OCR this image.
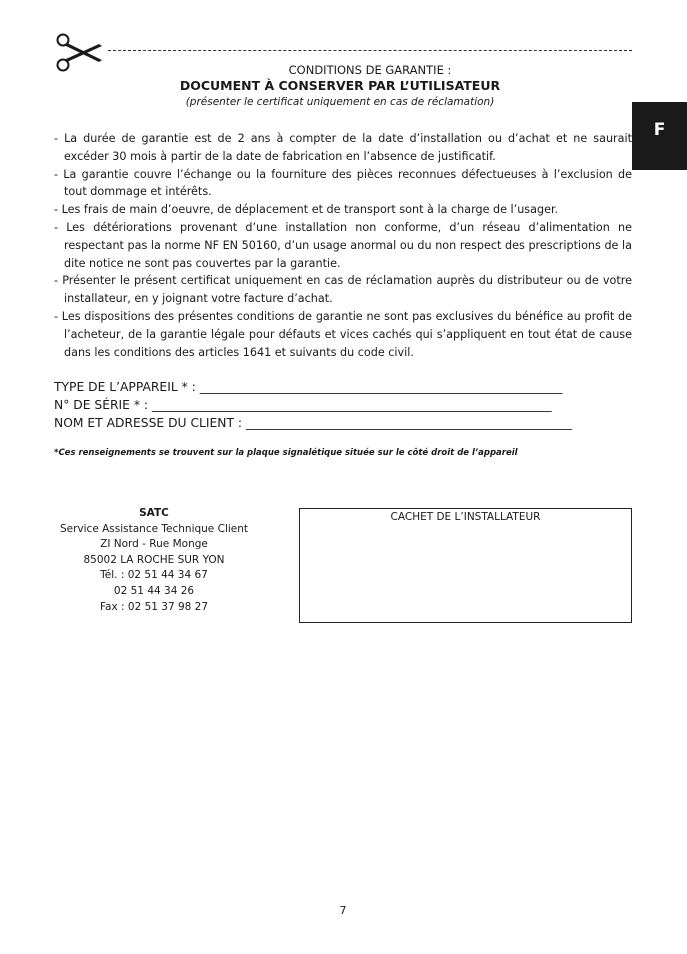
CONDITIONS DE GARANTIE :
DOCUMENT À CONSERVER PAR L’UTILISATEUR
(présenter le certificat uniquement en cas de réclamation)
F
- La durée de garantie est de 2 ans à compter de la date d’installation ou d’achat et ne saurait excéder 30 mois à partir de la date de fabrication en l’absence de justificatif.
- La garantie couvre l’échange ou la fourniture des pièces reconnues défectueuses à l’exclusion de tout dommage et intérêts.
- Les frais de main d’oeuvre, de déplacement et de transport sont à la charge de l’usager.
- Les détériorations provenant d’une installation non conforme, d’un réseau d’alimentation ne respectant pas la norme NF EN 50160, d’un usage anormal ou du non respect des prescriptions de la dite notice ne sont pas couvertes par la garantie.
- Présenter le présent certificat uniquement en cas de réclamation auprès du distributeur ou de votre installateur, en y joignant votre facture d’achat.
- Les dispositions des présentes conditions de garantie ne sont pas exclusives du bénéfice au profit de l’acheteur, de la garantie légale pour défauts et vices cachés qui s’appliquent en tout état de cause dans les conditions des articles 1641 et suivants du code civil.
TYPE DE L’APPAREIL * : ___________________________________________________________
N° DE SÉRIE * : _________________________________________________________________
NOM ET ADRESSE DU CLIENT : _____________________________________________________
*Ces renseignements se trouvent sur la plaque signalétique située sur le côté droit de l’appareil
SATC
Service Assistance Technique Client
ZI Nord - Rue Monge
85002 LA ROCHE SUR YON
Tél. : 02 51 44 34 67
02 51 44 34 26
Fax : 02 51 37 98 27
CACHET DE L’INSTALLATEUR
7
